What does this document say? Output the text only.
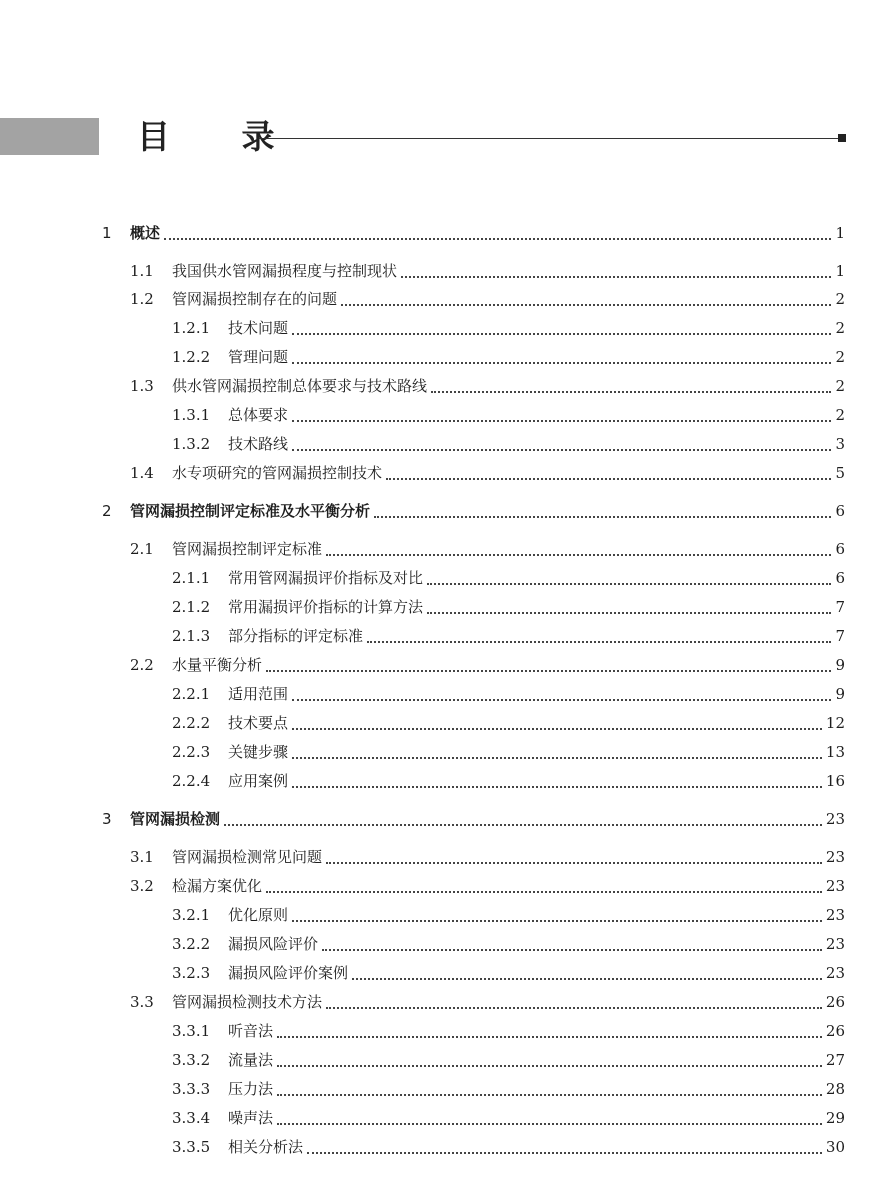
目 录
1	概述	1
1.1	我国供水管网漏损程度与控制现状	1
1.2	管网漏损控制存在的问题	2
1.2.1	技术问题	2
1.2.2	管理问题	2
1.3	供水管网漏损控制总体要求与技术路线	2
1.3.1	总体要求	2
1.3.2	技术路线	3
1.4	水专项研究的管网漏损控制技术	5
2	管网漏损控制评定标准及水平衡分析	6
2.1	管网漏损控制评定标准	6
2.1.1	常用管网漏损评价指标及对比	6
2.1.2	常用漏损评价指标的计算方法	7
2.1.3	部分指标的评定标准	7
2.2	水量平衡分析	9
2.2.1	适用范围	9
2.2.2	技术要点	12
2.2.3	关键步骤	13
2.2.4	应用案例	16
3	管网漏损检测	23
3.1	管网漏损检测常见问题	23
3.2	检漏方案优化	23
3.2.1	优化原则	23
3.2.2	漏损风险评价	23
3.2.3	漏损风险评价案例	23
3.3	管网漏损检测技术方法	26
3.3.1	听音法	26
3.3.2	流量法	27
3.3.3	压力法	28
3.3.4	噪声法	29
3.3.5	相关分析法	30
